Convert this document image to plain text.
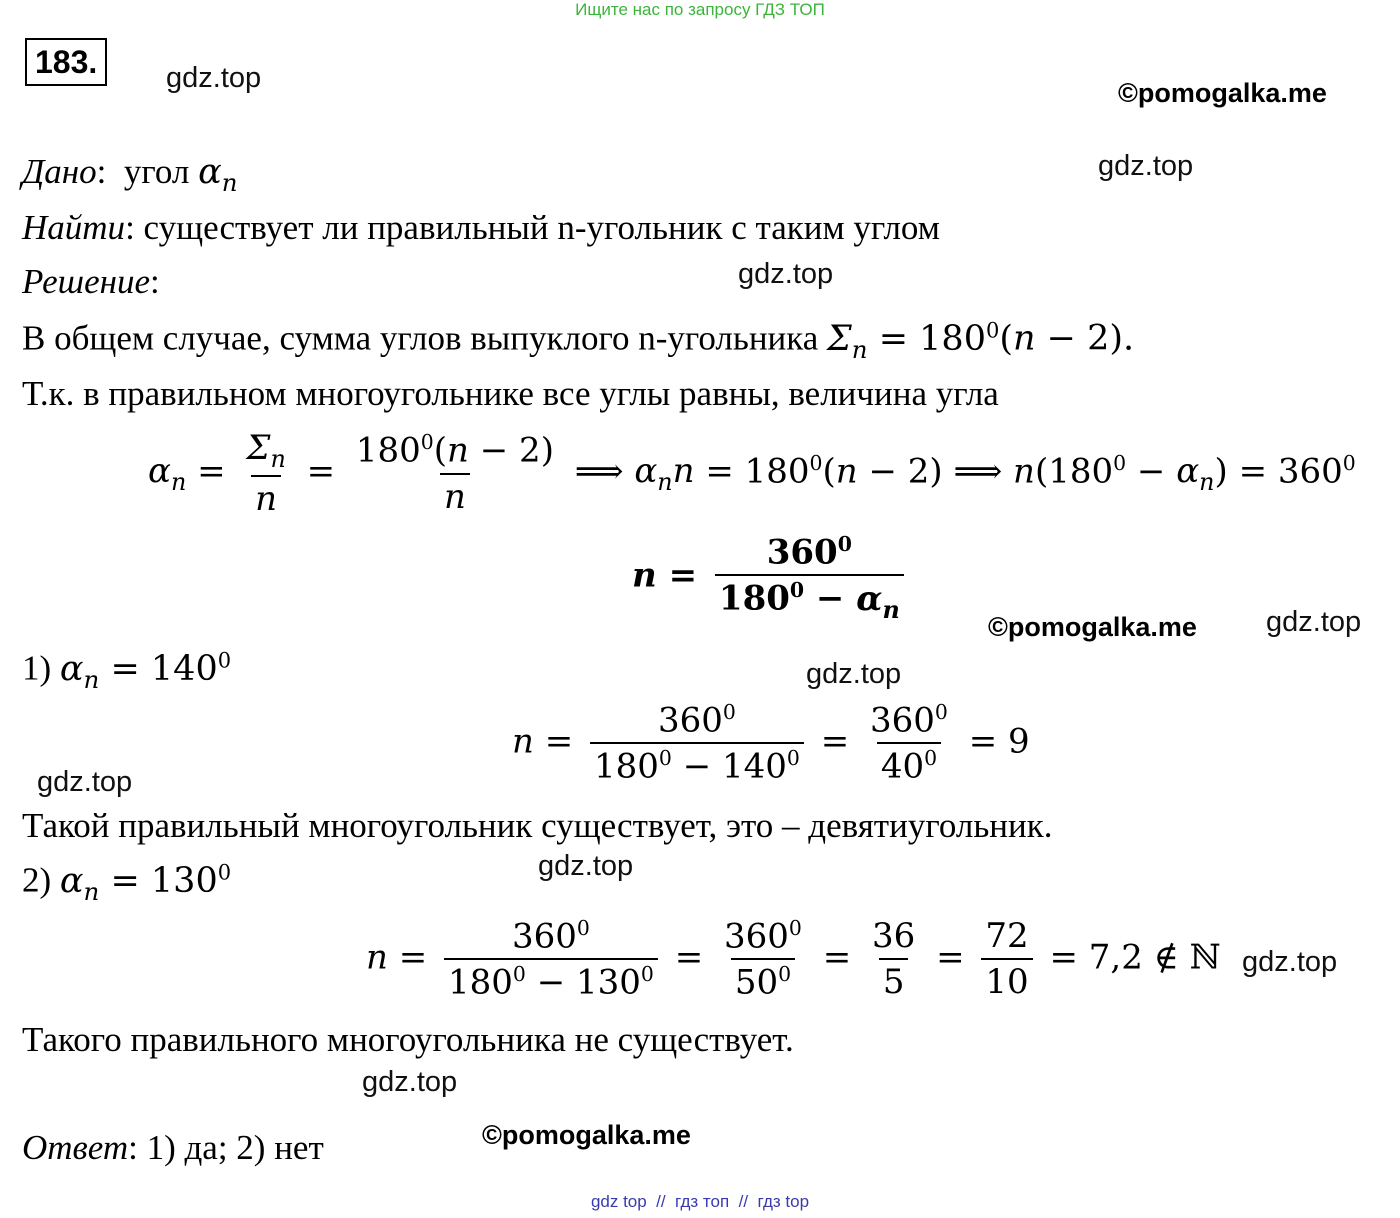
Ищите нас по запросу ГДЗ ТОП
183.	gdz.top	©pomogalka.me
gdz.top
gdz.top
©pomogalka.me gdz.top
gdz.top
gdz.top
gdz.top
gdz.top
gdz.top
©pomogalka.me
Дано:  угол $\alpha_n$
Найти: существует ли правильный n-угольник с таким углом
Решение:
В общем случае, сумма углов выпуклого n-угольника $\Sigma_n = 180^0(n - 2)$.
Т.к. в правильном многоугольнике все углы равны, величина угла
$\alpha_n = \frac{\Sigma_n}{n} = \frac{180^0(n - 2)}{n}$ ⟹ $\alpha_nn = 180^0(n - 2)$ ⟹ $n(180^0 - \alpha_n) = 360^0$
$n = \frac{360^0}{180^0 - \alpha_n}$
1) $\alpha_n = 140^0$
$n = \frac{360^0}{180^0 - 140^0} = \frac{360^0}{40^0} = 9$
Такой правильный многоугольник существует, это – девятиугольник.
2) $\alpha_n = 130^0$
$n = \frac{360^0}{180^0 - 130^0} = \frac{360^0}{50^0} = \frac{36}{5} = \frac{72}{10} = 7,2$ ∉ ℕ
Такого правильного многоугольника не существует.
Ответ: 1) да; 2) нет
gdz top  //  гдз топ  //  гдз top
